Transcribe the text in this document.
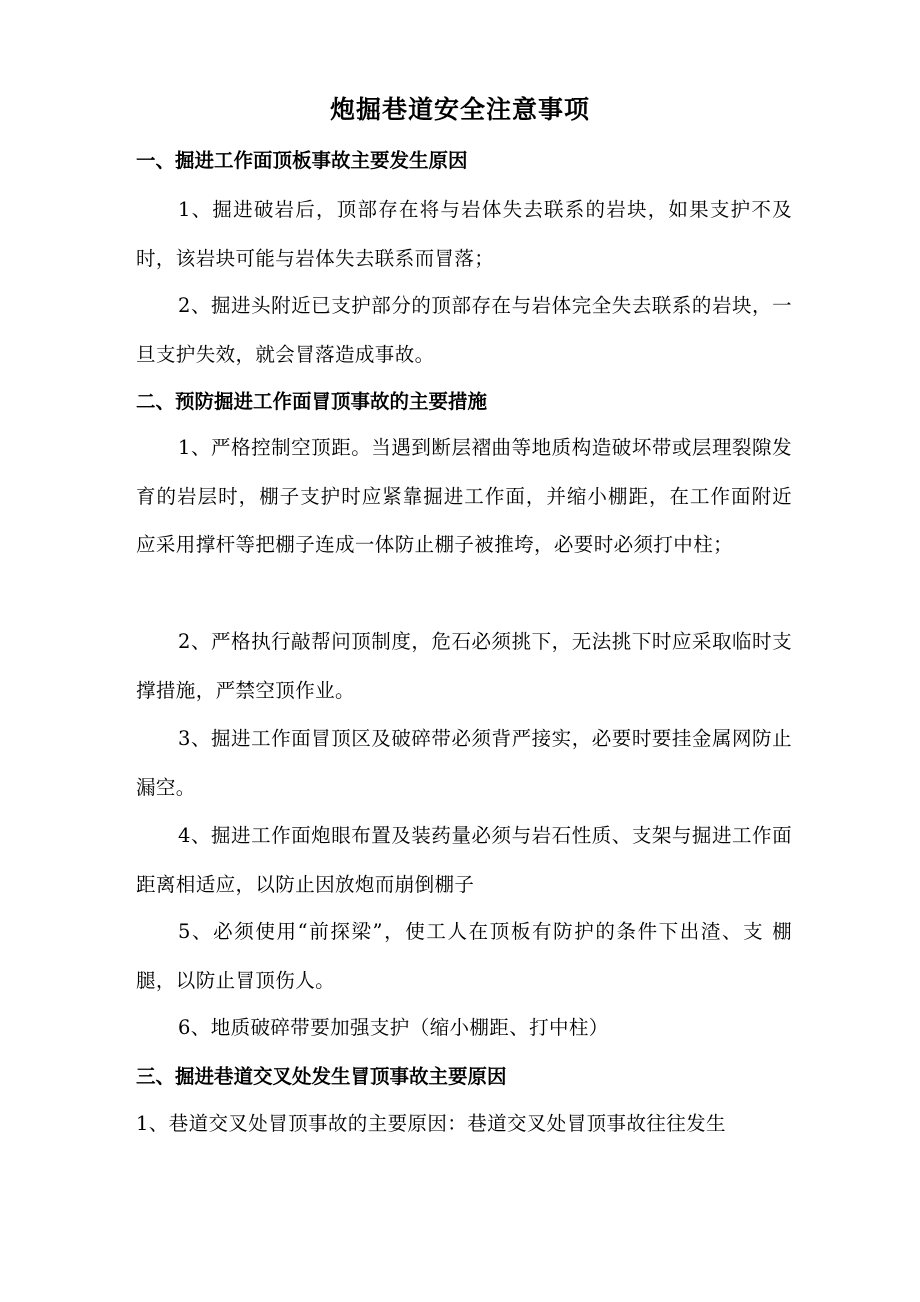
炮掘巷道安全注意事项
一、掘进工作面顶板事故主要发生原因

1、掘进破岩后，顶部存在将与岩体失去联系的岩块，如果支护不及时，该岩块可能与岩体失去联系而冒落；

2、掘进头附近已支护部分的顶部存在与岩体完全失去联系的岩块，一旦支护失效，就会冒落造成事故。

二、预防掘进工作面冒顶事故的主要措施

1、严格控制空顶距。当遇到断层褶曲等地质构造破坏带或层理裂隙发育的岩层时，棚子支护时应紧靠掘进工作面，并缩小棚距，在工作面附近应采用撑杆等把棚子连成一体防止棚子被推垮，必要时必须打中柱；

2、严格执行敲帮问顶制度，危石必须挑下，无法挑下时应采取临时支撑措施，严禁空顶作业。

3、掘进工作面冒顶区及破碎带必须背严接实，必要时要挂金属网防止漏空。

4、掘进工作面炮眼布置及装药量必须与岩石性质、支架与掘进工作面距离相适应，以防止因放炮而崩倒棚子

5、必须使用“前探梁”，使工人在顶板有防护的条件下出渣、支 棚腿，以防止冒顶伤人。

6、地质破碎带要加强支护（缩小棚距、打中柱）

三、掘进巷道交叉处发生冒顶事故主要原因

1、巷道交叉处冒顶事故的主要原因：巷道交叉处冒顶事故往往发生
